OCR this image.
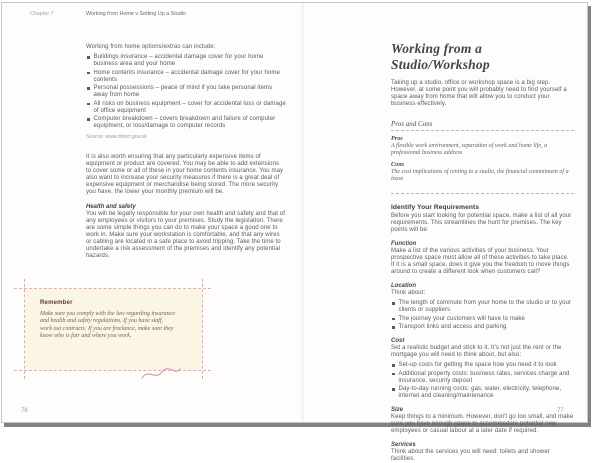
Chapter 7	Working from Home v Setting Up a Studio
Working from home options/extras can include:
Buildings insurance – accidental damage cover for your home business area and your home
Home contents insurance – accidental damage cover for your home contents
Personal possessions – peace of mind if you take personal items away from home
All risks on business equipment – cover for accidental loss or damage of office equipment
Computer breakdown – covers breakdown and failure of computer equipment, or loss/damage to computer records
Source: www.direct.gov.uk
It is also worth ensuring that any particularly expensive items of equipment or product are covered. You may be able to add extensions to cover some or all of these in your home contents insurance. You may also want to increase your security measures if there is a great deal of expensive equipment or merchandise being stored. The more security you have, the lower your monthly premium will be.
Health and safety
You will be legally responsible for your own health and safety and that of any employees or visitors to your premises. Study the legislation. There are some simple things you can do to make your space a good one to work in. Make sure your workstation is comfortable, and that any wires or cabling are located in a safe place to avoid tripping. Take the time to undertake a risk assessment of the premises and identify any potential hazards.
Remember
Make sure you comply with the law regarding insurance and health and safety regulations. If you have staff, work out contracts. If you are freelance, make sure they know who is fair and where you work.
Working from a Studio/Workshop
Taking up a studio, office or workshop space is a big step. However, at some point you will probably need to find yourself a space away from home that will allow you to conduct your business effectively.
Pros and Cons
Pros
A flexible work environment, separation of work and home life, a professional business address
Cons
The cost implications of renting to a studio, the financial commitment of a lease
Identify Your Requirements
Before you start looking for potential space, make a list of all your requirements. This streamlines the hunt for premises. The key points will be:
Function
Make a list of the various activities of your business. Your prospective space must allow all of these activities to take place. If it is a small space, does it give you the freedom to move things around to create a different look when customers call?
Location
Think about:
The length of commute from your home to the studio or to your clients or suppliers
The journey your customers will have to make
Transport links and access and parking
Cost
Set a realistic budget and stick to it. It's not just the rent or the mortgage you will need to think about, but also:
Set-up costs for getting the space how you need it to look
Additional property costs: business rates, services charge and insurance, security deposit
Day-to-day running costs: gas, water, electricity, telephone, internet and cleaning/maintenance
Size
Keep things to a minimum. However, don't go too small, and make sure you have enough space to accommodate potential new employees or casual labour at a later date if required.
Services
Think about the services you will need: toilets and shower facilities.
76	77
